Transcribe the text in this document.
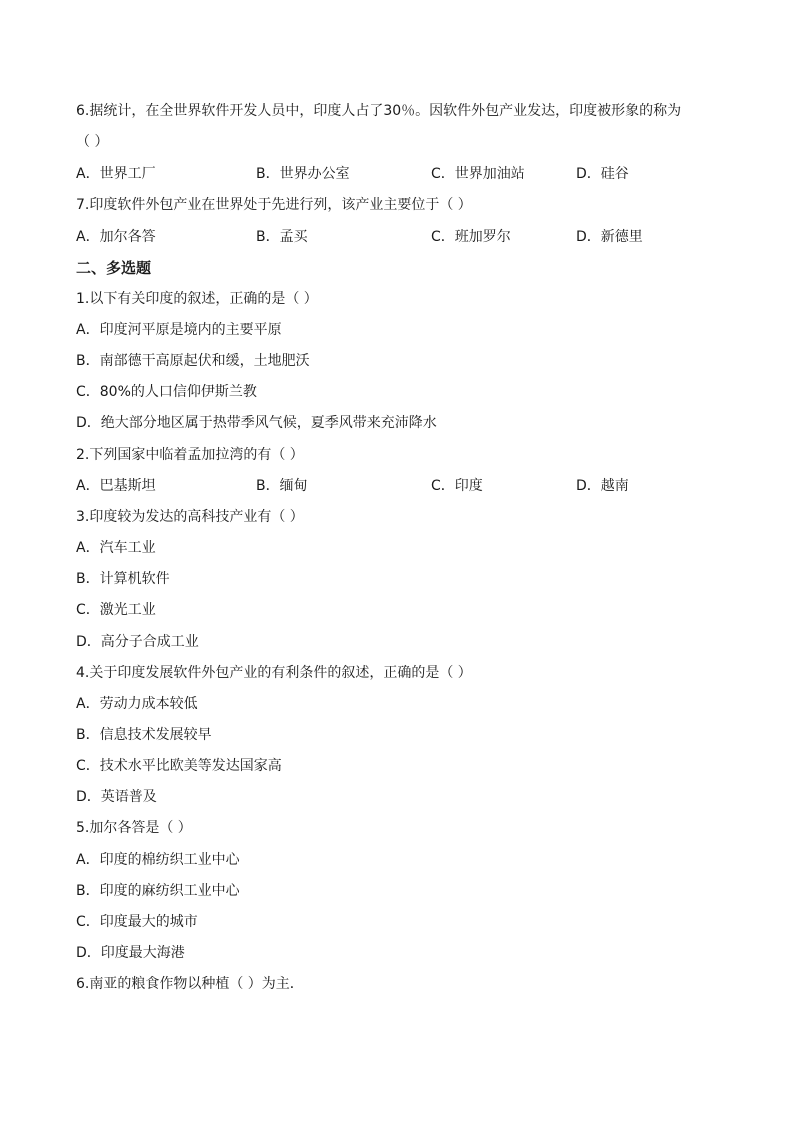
6.据统计，在全世界软件开发人员中，印度人占了30％。因软件外包产业发达，印度被形象的称为
（ ）
A．世界工厂	B．世界办公室	C．世界加油站	D．硅谷
7.印度软件外包产业在世界处于先进行列，该产业主要位于（ ）
A．加尔各答	B．孟买	C．班加罗尔	D．新德里
二、多选题
1.以下有关印度的叙述，正确的是（ ）
A．印度河平原是境内的主要平原
B．南部德干高原起伏和缓，土地肥沃
C．80%的人口信仰伊斯兰教
D．绝大部分地区属于热带季风气候，夏季风带来充沛降水
2.下列国家中临着孟加拉湾的有（ ）
A．巴基斯坦	B．缅甸	C．印度	D．越南
3.印度较为发达的高科技产业有（ ）
A．汽车工业
B．计算机软件
C．激光工业
D．高分子合成工业
4.关于印度发展软件外包产业的有利条件的叙述，正确的是（ ）
A．劳动力成本较低
B．信息技术发展较早
C．技术水平比欧美等发达国家高
D．英语普及
5.加尔各答是（ ）
A．印度的棉纺织工业中心
B．印度的麻纺织工业中心
C．印度最大的城市
D．印度最大海港
6.南亚的粮食作物以种植（ ）为主．
